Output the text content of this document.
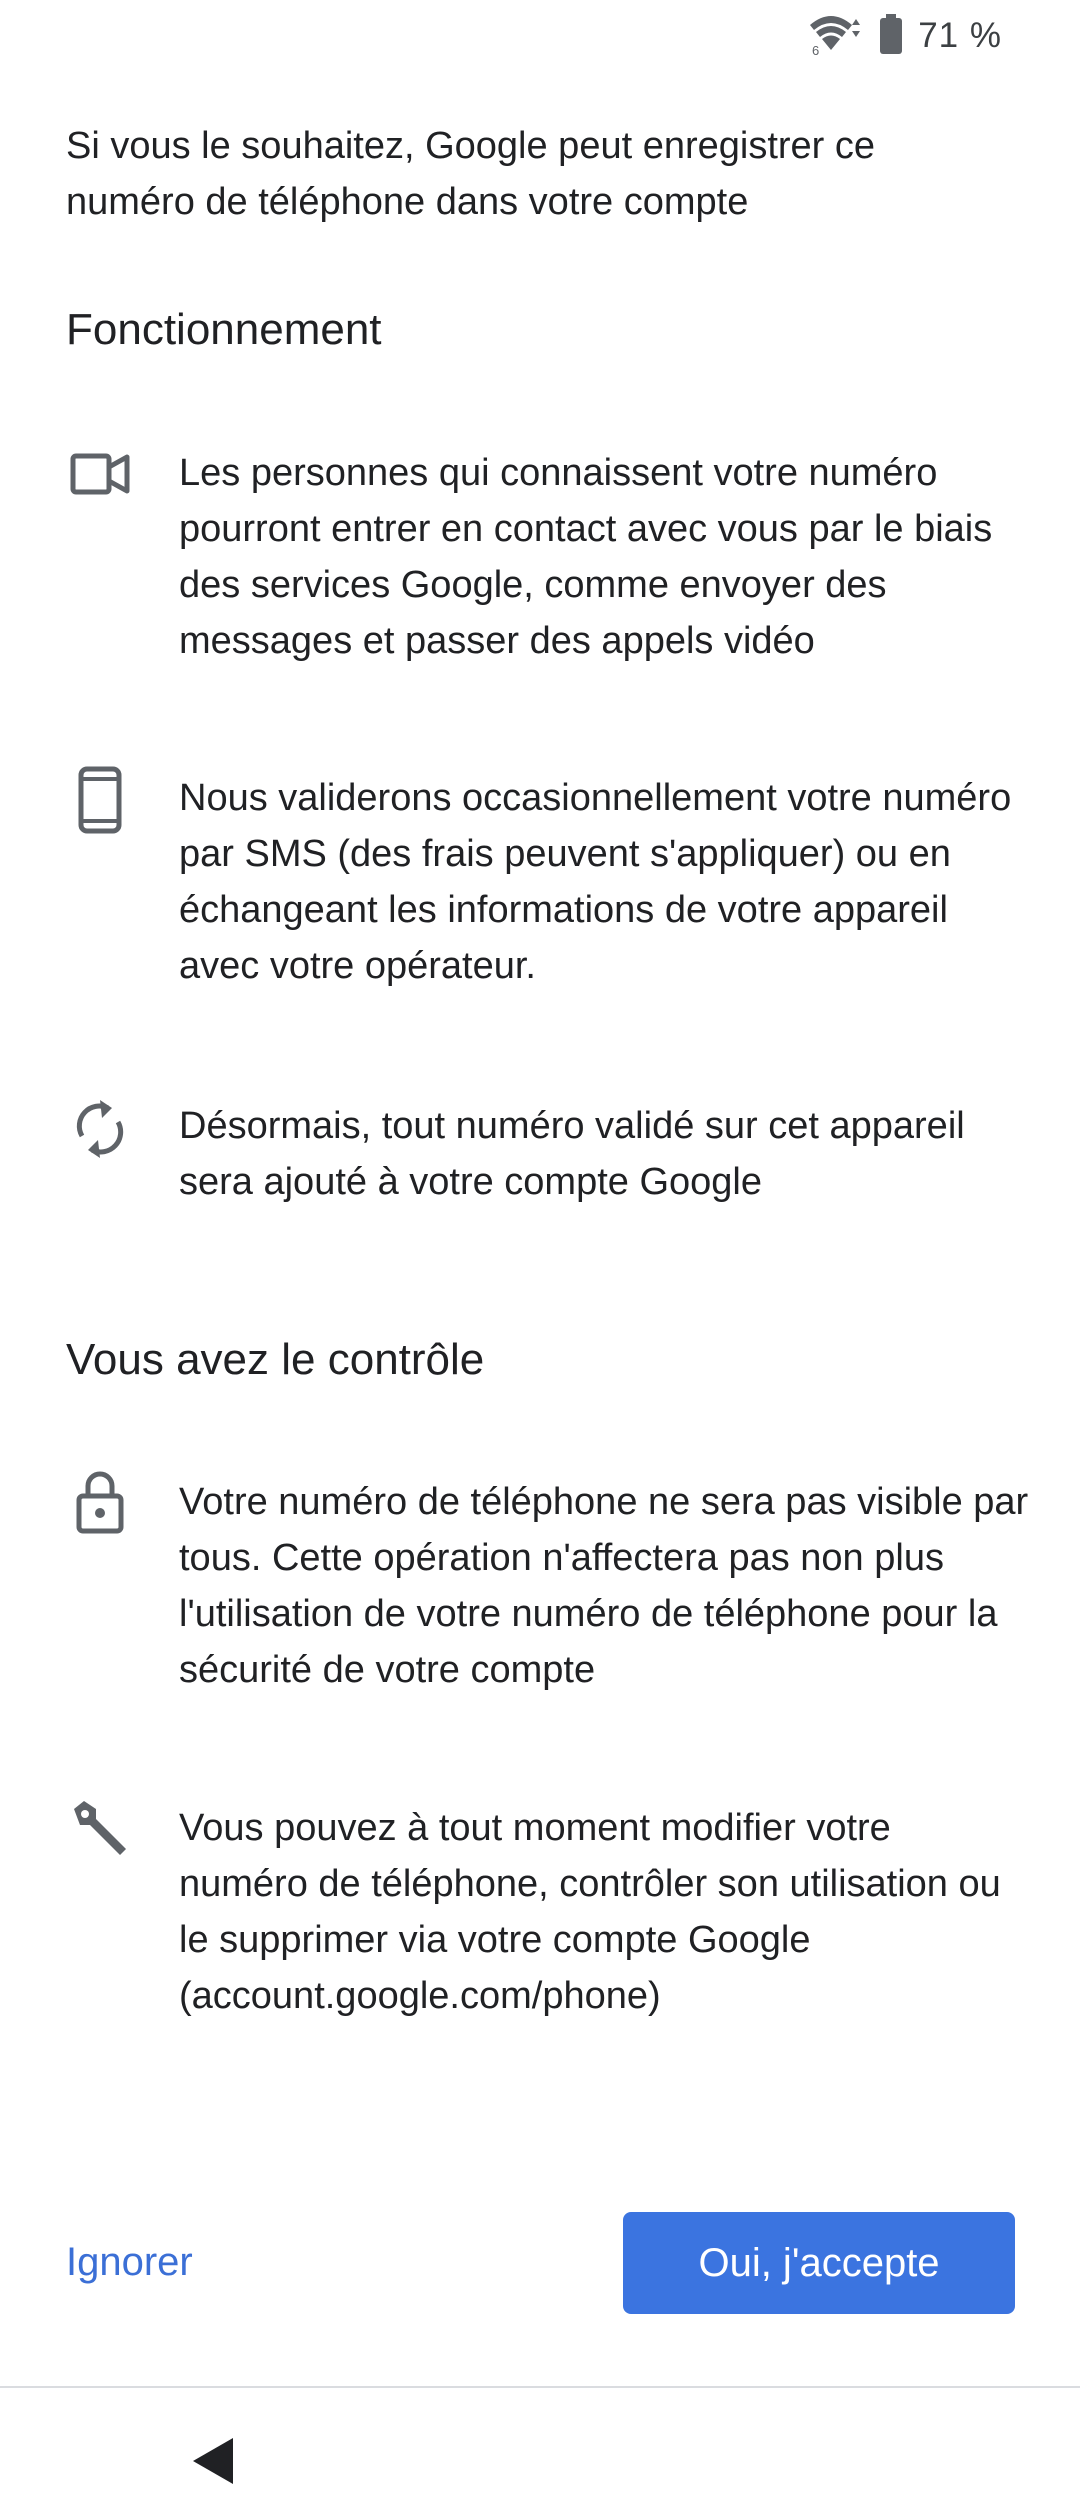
6	71 %

Si vous le souhaitez, Google peut enregistrer ce numéro de téléphone dans votre compte

Fonctionnement

Les personnes qui connaissent votre numéro pourront entrer en contact avec vous par le biais des services Google, comme envoyer des messages et passer des appels vidéo

Nous validerons occasionnellement votre numéro par SMS (des frais peuvent s'appliquer) ou en échangeant les informations de votre appareil avec votre opérateur.

Désormais, tout numéro validé sur cet appareil sera ajouté à votre compte Google

Vous avez le contrôle

Votre numéro de téléphone ne sera pas visible par tous. Cette opération n'affectera pas non plus l'utilisation de votre numéro de téléphone pour la sécurité de votre compte

Vous pouvez à tout moment modifier votre numéro de téléphone, contrôler son utilisation ou le supprimer via votre compte Google (account.google.com/phone)

Ignorer	Oui, j'accepte
